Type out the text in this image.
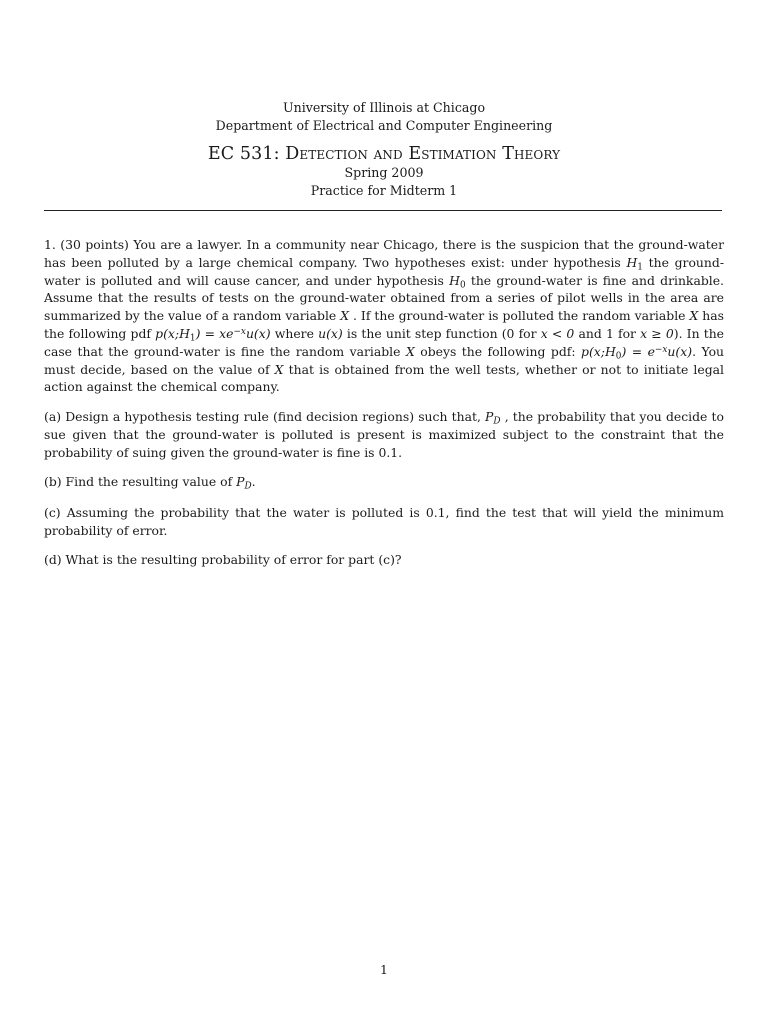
University of Illinois at Chicago
Department of Electrical and Computer Engineering
EC 531: Detection and Estimation Theory
Spring 2009
Practice for Midterm 1
1. (30 points) You are a lawyer. In a community near Chicago, there is the suspicion that the ground-water has been polluted by a large chemical company. Two hypotheses exist: under hypothesis $H_1$ the ground- water is polluted and will cause cancer, and under hypothesis $H_0$ the ground-water is fine and drinkable. Assume that the results of tests on the ground-water obtained from a series of pilot wells in the area are summarized by the value of a random variable X . If the ground-water is polluted the random variable X has the following pdf $p(x;H_1) = xe^{-x}u(x)$ where u(x) is the unit step function (0 for x < 0 and 1 for x ≥ 0). In the case that the ground-water is fine the random variable X obeys the following pdf: $p(x;H_0) = e^{-x}u(x)$. You must decide, based on the value of X that is obtained from the well tests, whether or not to initiate legal action against the chemical company.
(a) Design a hypothesis testing rule (find decision regions) such that, $P_D$ , the probability that you decide to sue given that the ground-water is polluted is present is maximized subject to the constraint that the probability of suing given the ground-water is fine is 0.1.
(b) Find the resulting value of $P_D$.
(c) Assuming the probability that the water is polluted is 0.1, find the test that will yield the minimum probability of error.
(d) What is the resulting probability of error for part (c)?
1
